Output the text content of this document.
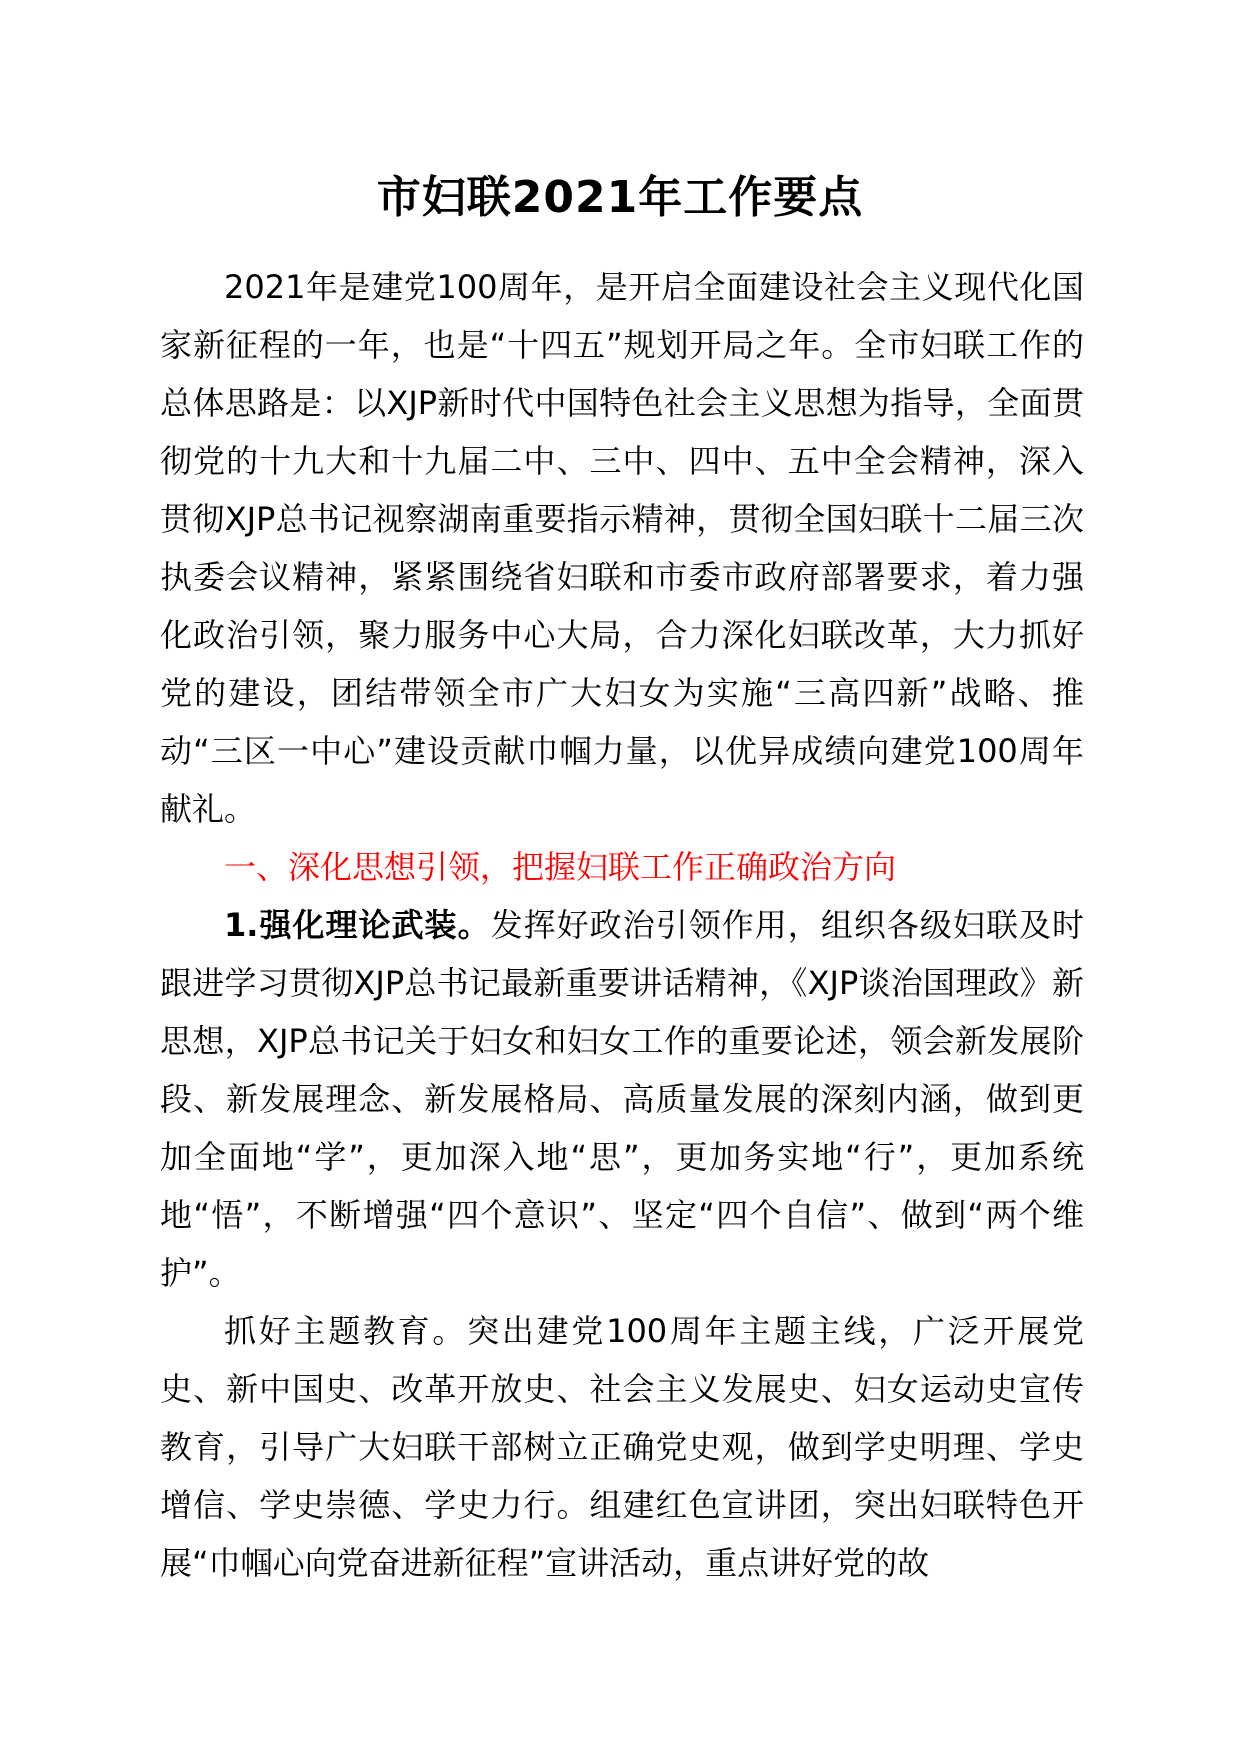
市妇联2021年工作要点

2021年是建党100周年，是开启全面建设社会主义现代化国家新征程的一年，也是“十四五”规划开局之年。全市妇联工作的总体思路是：以XJP新时代中国特色社会主义思想为指导，全面贯彻党的十九大和十九届二中、三中、四中、五中全会精神，深入贯彻XJP总书记视察湖南重要指示精神，贯彻全国妇联十二届三次执委会议精神，紧紧围绕省妇联和市委市政府部署要求，着力强化政治引领，聚力服务中心大局，合力深化妇联改革，大力抓好党的建设，团结带领全市广大妇女为实施“三高四新”战略、推动“三区一中心”建设贡献巾帼力量，以优异成绩向建党100周年献礼。

一、深化思想引领，把握妇联工作正确政治方向

1.强化理论武装。发挥好政治引领作用，组织各级妇联及时跟进学习贯彻XJP总书记最新重要讲话精神，《XJP谈治国理政》新思想，XJP总书记关于妇女和妇女工作的重要论述，领会新发展阶段、新发展理念、新发展格局、高质量发展的深刻内涵，做到更加全面地“学”，更加深入地“思”，更加务实地“行”，更加系统地“悟”，不断增强“四个意识”、坚定“四个自信”、做到“两个维护”。

抓好主题教育。突出建党100周年主题主线，广泛开展党史、新中国史、改革开放史、社会主义发展史、妇女运动史宣传教育，引导广大妇联干部树立正确党史观，做到学史明理、学史增信、学史崇德、学史力行。组建红色宣讲团，突出妇联特色开展“巾帼心向党奋进新征程”宣讲活动，重点讲好党的故
